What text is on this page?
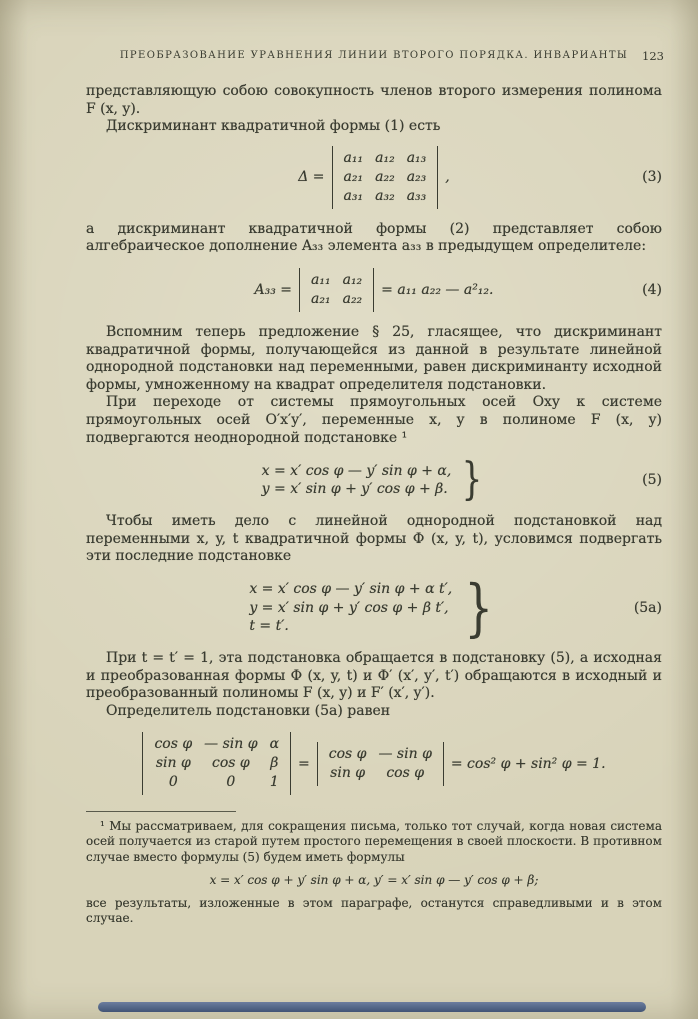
ПРЕОБРАЗОВАНИЕ УРАВНЕНИЯ ЛИНИИ ВТОРОГО ПОРЯДКА. ИНВАРИАНТЫ 123

представляющую собою совокупность членов второго измерения полинома F (x, y).

Дискриминант квадратичной формы (1) есть

Δ =
a₁₁	a₁₂	a₁₃
a₂₁	a₂₂	a₂₃
a₃₁	a₃₂	a₃₃
,	(3)

а дискриминант квадратичной формы (2) представляет собою алгебраическое дополнение A₃₃ элемента a₃₃ в предыдущем определителе:

A₃₃ =
a₁₁	a₁₂
a₂₁	a₂₂
= a₁₁ a₂₂ — a²₁₂.	(4)

Вспомним теперь предложение § 25, гласящее, что дискриминант квадратичной формы, получающейся из данной в результате линейной однородной подстановки над переменными, равен дискриминанту исходной формы, умноженному на квадрат определителя подстановки.

При переходе от системы прямоугольных осей Oxy к системе прямоугольных осей O′x′y′, переменные x, y в полиноме F (x, y) подвергаются неоднородной подстановке ¹

x = x′ cos φ — y′ sin φ + α,
y = x′ sin φ + y′ cos φ + β. }	(5)

Чтобы иметь дело с линейной однородной подстановкой над переменными x, y, t квадратичной формы Φ (x, y, t), условимся подвергать эти последние подстановке

x = x′ cos φ — y′ sin φ + α t′,
y = x′ sin φ + y′ cos φ + β t′,
t = t′.	}	(5а)

При t = t′ = 1, эта подстановка обращается в подстановку (5), а исходная и преобразованная формы Φ (x, y, t) и Φ′ (x′, y′, t′) обращаются в исходный и преобразованный полиномы F (x, y) и F′ (x′, y′).

Определитель подстановки (5а) равен

cos φ	— sin φ	α
sin φ	cos φ	β
0	0	1
=
cos φ	— sin φ
sin φ	cos φ
= cos² φ + sin² φ = 1.

¹ Мы рассматриваем, для сокращения письма, только тот случай, когда новая система осей получается из старой путем простого перемещения в своей плоскости. В противном случае вместо формулы (5) будем иметь формулы

x = x′ cos φ + y′ sin φ + α, y′ = x′ sin φ — y′ cos φ + β;

все результаты, изложенные в этом параграфе, останутся справедливыми и в этом случае.
